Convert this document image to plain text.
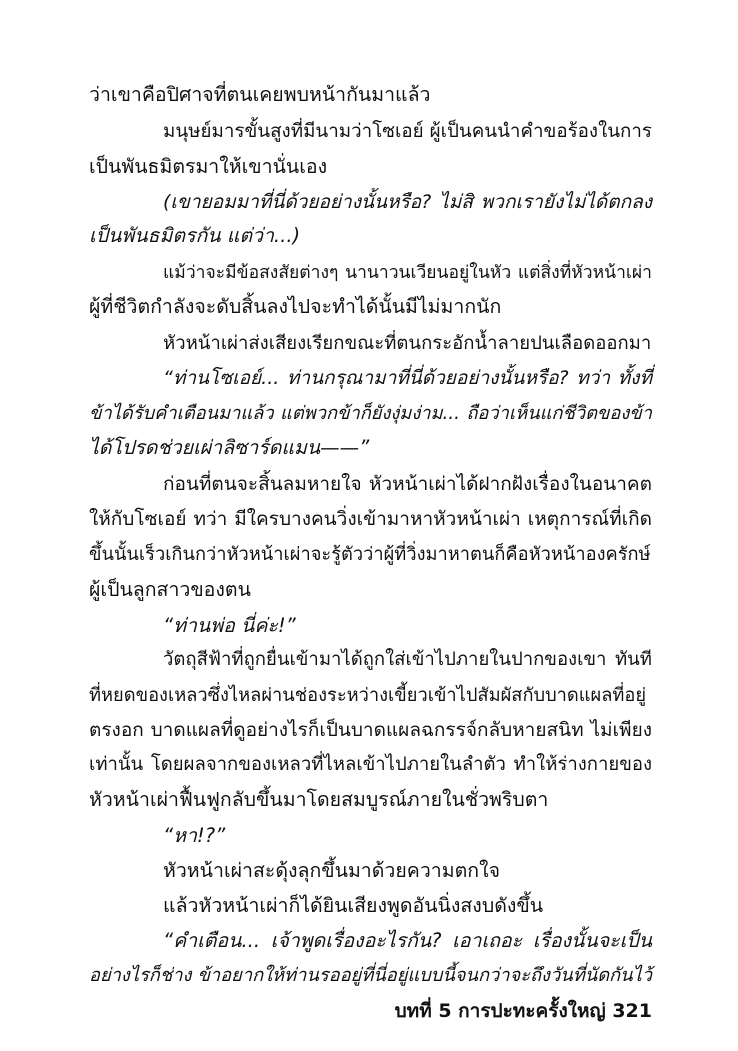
ว่าเขาคือปิศาจที่ตนเคยพบหน้ากันมาแล้ว
มนุษย์มารขั้นสูงที่มีนามว่าโซเอย์ ผู้เป็นคนนำคำขอร้องในการ
เป็นพันธมิตรมาให้เขานั่นเอง
(เขายอมมาที่นี่ด้วยอย่างนั้นหรือ? ไม่สิ พวกเรายังไม่ได้ตกลง
เป็นพันธมิตรกัน แต่ว่า...)
แม้ว่าจะมีข้อสงสัยต่างๆ นานาวนเวียนอยู่ในหัว แต่สิ่งที่หัวหน้าเผ่า
ผู้ที่ชีวิตกำลังจะดับสิ้นลงไปจะทำได้นั้นมีไม่มากนัก
หัวหน้าเผ่าส่งเสียงเรียกขณะที่ตนกระอักน้ำลายปนเลือดออกมา
“ท่านโซเอย์... ท่านกรุณามาที่นี่ด้วยอย่างนั้นหรือ? ทว่า ทั้งที่
ข้าได้รับคำเตือนมาแล้ว แต่พวกข้าก็ยังงุ่มง่าม... ถือว่าเห็นแก่ชีวิตของข้า
ได้โปรดช่วยเผ่าลิซาร์ดแมน——”
ก่อนที่ตนจะสิ้นลมหายใจ หัวหน้าเผ่าได้ฝากฝังเรื่องในอนาคต
ให้กับโซเอย์ ทว่า มีใครบางคนวิ่งเข้ามาหาหัวหน้าเผ่า เหตุการณ์ที่เกิด
ขึ้นนั้นเร็วเกินกว่าหัวหน้าเผ่าจะรู้ตัวว่าผู้ที่วิ่งมาหาตนก็คือหัวหน้าองครักษ์
ผู้เป็นลูกสาวของตน
“ท่านพ่อ นี่ค่ะ!”
วัตถุสีฟ้าที่ถูกยื่นเข้ามาได้ถูกใส่เข้าไปภายในปากของเขา ทันที
ที่หยดของเหลวซึ่งไหลผ่านช่องระหว่างเขี้ยวเข้าไปสัมผัสกับบาดแผลที่อยู่
ตรงอก บาดแผลที่ดูอย่างไรก็เป็นบาดแผลฉกรรจ์กลับหายสนิท ไม่เพียง
เท่านั้น โดยผลจากของเหลวที่ไหลเข้าไปภายในลำตัว ทำให้ร่างกายของ
หัวหน้าเผ่าฟื้นฟูกลับขึ้นมาโดยสมบูรณ์ภายในชั่วพริบตา
“หา!?”
หัวหน้าเผ่าสะดุ้งลุกขึ้นมาด้วยความตกใจ
แล้วหัวหน้าเผ่าก็ได้ยินเสียงพูดอันนิ่งสงบดังขึ้น
“คำเตือน... เจ้าพูดเรื่องอะไรกัน? เอาเถอะ เรื่องนั้นจะเป็น
อย่างไรก็ช่าง ข้าอยากให้ท่านรออยู่ที่นี่อยู่แบบนี้จนกว่าจะถึงวันที่นัดกันไว้
บทที่ 5 การปะทะครั้งใหญ่ 321
